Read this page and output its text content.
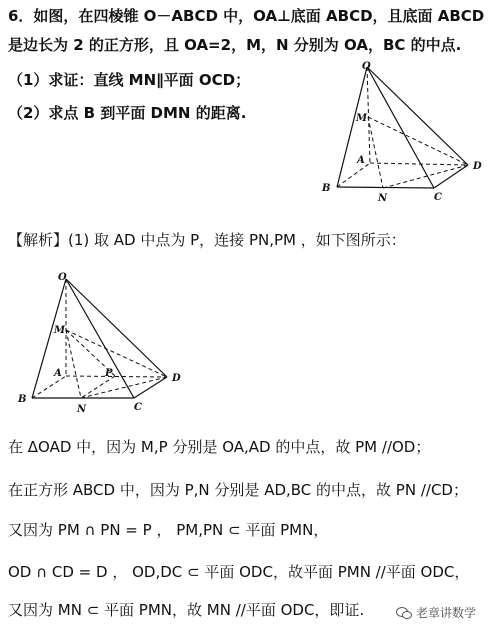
6．如图，在四棱锥 O－ABCD 中，OA⊥底面 ABCD，且底面 ABCD
是边长为 2 的正方形，且 OA=2，M，N 分别为 OA，BC 的中点.
（1）求证：直线 MN∥平面 OCD；
（2）求点 B 到平面 DMN 的距离.
O
M
A
B
N	C
D
【解析】(1) 取 AD 中点为 P，连接 PN,PM ，如下图所示：
O
M
A	P
B
N	C
D
在 ΔOAD 中，因为 M,P 分别是 OA,AD 的中点，故 PM //OD；
在正方形 ABCD 中，因为 P,N 分别是 AD,BC 的中点，故 PN //CD；
又因为 PM ∩ PN = P ， PM,PN ⊂ 平面 PMN，
OD ∩ CD = D ， OD,DC ⊂ 平面 ODC，故平面 PMN //平面 ODC，
又因为 MN ⊂ 平面 PMN，故 MN //平面 ODC，即证.	老章讲数学
